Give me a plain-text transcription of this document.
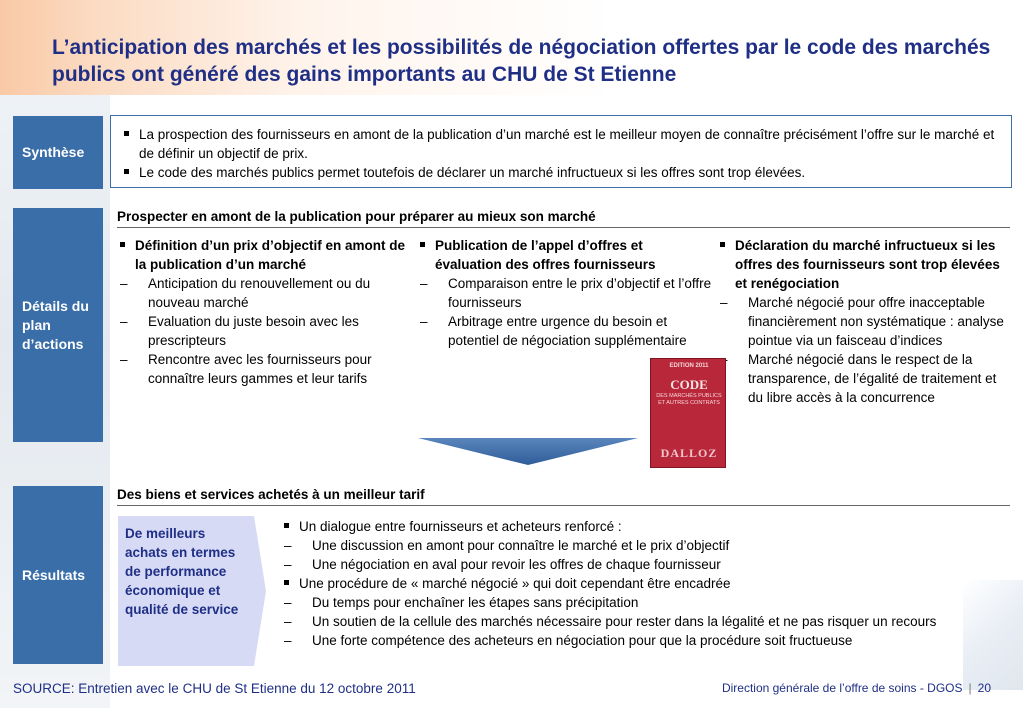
L’anticipation des marchés et les possibilités de négociation offertes par le code des marchés publics ont généré des gains importants au CHU de St Etienne
Synthèse
La prospection des fournisseurs en amont de la publication d’un marché est le meilleur moyen de connaître précisément l’offre sur le marché et de définir un objectif de prix.
Le code des marchés publics permet toutefois de déclarer un marché infructueux si les offres sont trop élevées.
Détails du plan d’actions
Prospecter en amont de la publication pour préparer au mieux son marché
Définition d’un prix d’objectif en amont de la publication d’un marché
– Anticipation du renouvellement ou du nouveau marché
– Evaluation du juste besoin avec les prescripteurs
– Rencontre avec les fournisseurs pour connaître leurs gammes et leur tarifs
Publication de l’appel d’offres et évaluation des offres fournisseurs
– Comparaison entre le prix d’objectif et l’offre fournisseurs
– Arbitrage entre urgence du besoin et potentiel de négociation supplémentaire
Déclaration du marché infructueux si les offres des fournisseurs sont trop élevées et renégociation
– Marché négocié pour offre inacceptable financièrement non systématique : analyse pointue via un faisceau d’indices
– Marché négocié dans le respect de la transparence, de l’égalité de traitement et du libre accès à la concurrence
EDITION 2011
CODE
DES MARCHÉS PUBLICS ET AUTRES CONTRATS
DALLOZ
Résultats
Des biens et services achetés à un meilleur tarif
De meilleurs achats en termes de performance économique et qualité de service
Un dialogue entre fournisseurs et acheteurs renforcé :
– Une discussion en amont pour connaître le marché et le prix d’objectif
– Une négociation en aval pour revoir les offres de chaque fournisseur
Une procédure de « marché négocié » qui doit cependant être encadrée
– Du temps pour enchaîner les étapes sans précipitation
– Un soutien de la cellule des marchés nécessaire pour rester dans la légalité et ne pas risquer un recours
– Une forte compétence des acheteurs en négociation pour que la procédure soit fructueuse
SOURCE: Entretien avec le CHU de St Etienne du 12 octobre 2011	Direction générale de l’offre de soins - DGOS | 20
